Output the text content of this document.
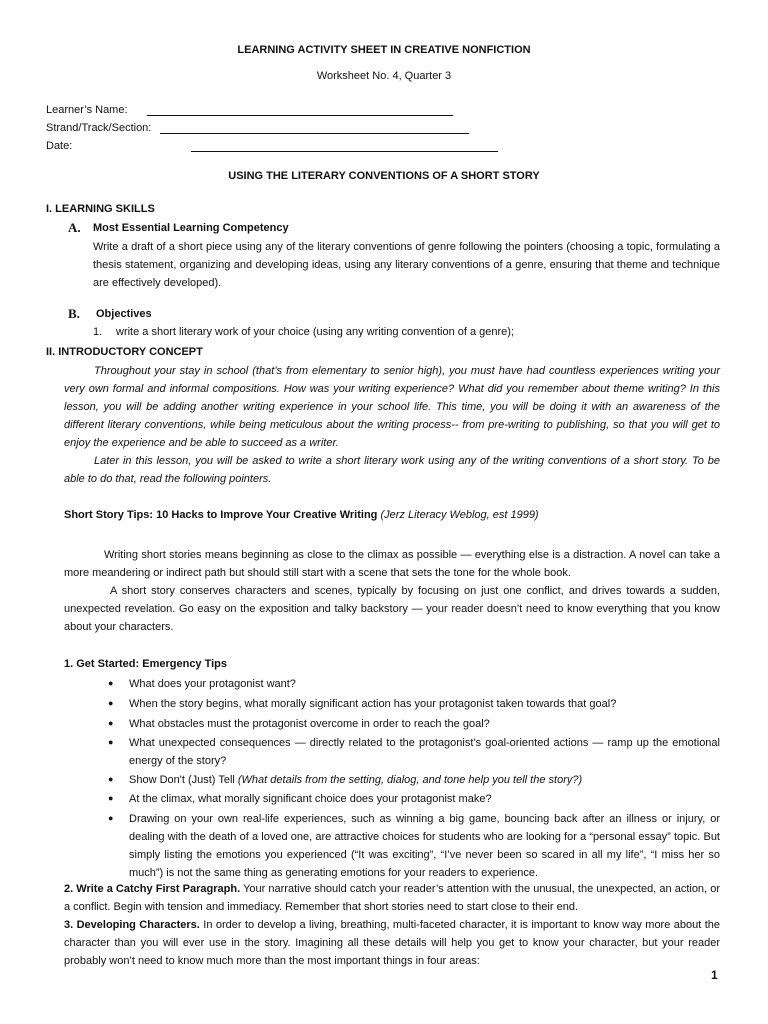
LEARNING ACTIVITY SHEET IN CREATIVE NONFICTION
Worksheet No. 4, Quarter 3
Learner’s Name:
Strand/Track/Section:
Date:
USING THE LITERARY CONVENTIONS OF A SHORT STORY
I. LEARNING SKILLS
A. Most Essential Learning Competency
Write a draft of a short piece using any of the literary conventions of genre following the pointers (choosing a topic, formulating a thesis statement, organizing and developing ideas, using any literary conventions of a genre, ensuring that theme and technique are effectively developed).
B. Objectives
1. write a short literary work of your choice (using any writing convention of a genre);
II. INTRODUCTORY CONCEPT
Throughout your stay in school (that’s from elementary to senior high), you must have had countless experiences writing your very own formal and informal compositions. How was your writing experience? What did you remember about theme writing? In this lesson, you will be adding another writing experience in your school life. This time, you will be doing it with an awareness of the different literary conventions, while being meticulous about the writing process-- from pre-writing to publishing, so that you will get to enjoy the experience and be able to succeed as a writer.
Later in this lesson, you will be asked to write a short literary work using any of the writing conventions of a short story. To be able to do that, read the following pointers.
Short Story Tips: 10 Hacks to Improve Your Creative Writing (Jerz Literacy Weblog, est 1999)
Writing short stories means beginning as close to the climax as possible — everything else is a distraction. A novel can take a more meandering or indirect path but should still start with a scene that sets the tone for the whole book.
A short story conserves characters and scenes, typically by focusing on just one conflict, and drives towards a sudden, unexpected revelation. Go easy on the exposition and talky backstory — your reader doesn’t need to know everything that you know about your characters.
1. Get Started: Emergency Tips
● What does your protagonist want?
● When the story begins, what morally significant action has your protagonist taken towards that goal?
● What obstacles must the protagonist overcome in order to reach the goal?
● What unexpected consequences — directly related to the protagonist’s goal-oriented actions — ramp up the emotional energy of the story?
● Show Don't (Just) Tell (What details from the setting, dialog, and tone help you tell the story?)
● At the climax, what morally significant choice does your protagonist make?
● Drawing on your own real-life experiences, such as winning a big game, bouncing back after an illness or injury, or dealing with the death of a loved one, are attractive choices for students who are looking for a “personal essay” topic. But simply listing the emotions you experienced (“It was exciting”, “I’ve never been so scared in all my life”, “I miss her so much”) is not the same thing as generating emotions for your readers to experience.
2. Write a Catchy First Paragraph. Your narrative should catch your reader’s attention with the unusual, the unexpected, an action, or a conflict. Begin with tension and immediacy. Remember that short stories need to start close to their end.
3. Developing Characters. In order to develop a living, breathing, multi-faceted character, it is important to know way more about the character than you will ever use in the story. Imagining all these details will help you get to know your character, but your reader probably won’t need to know much more than the most important things in four areas:
1
